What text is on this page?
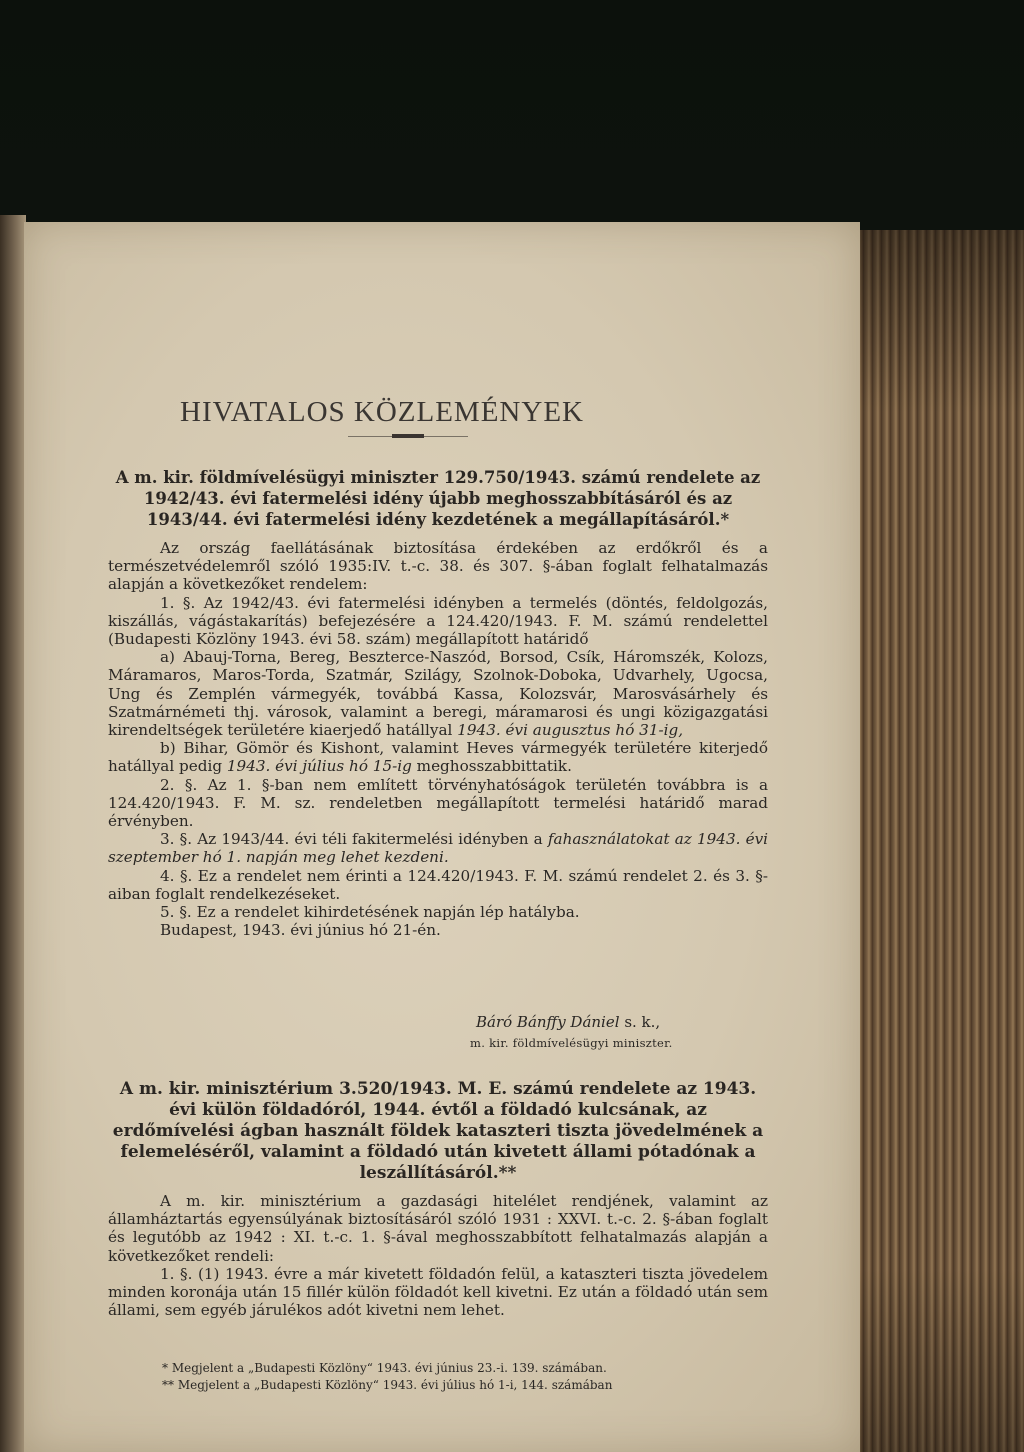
HIVATALOS KÖZLEMÉNYEK

A m. kir. földmívelésügyi miniszter 129.750/1943. számú rendelete az 1942/43. évi fatermelési idény újabb meghosszabbításáról és az 1943/44. évi fatermelési idény kezdetének a megállapításáról.*

Az ország faellátásának biztosítása érdekében az erdőkről és a természetvédelemről szóló 1935:IV. t.-c. 38. és 307. §-ában foglalt felhatalmazás alapján a következőket rendelem:

1. §. Az 1942/43. évi fatermelési idényben a termelés (döntés, feldolgozás, kiszállás, vágástakarítás) befejezésére a 124.420/1943. F. M. számú rendelettel (Budapesti Közlöny 1943. évi 58. szám) megállapított határidő

a) Abauj-Torna, Bereg, Beszterce-Naszód, Borsod, Csík, Háromszék, Kolozs, Máramaros, Maros-Torda, Szatmár, Szilágy, Szolnok-Doboka, Udvarhely, Ugocsa, Ung és Zemplén vármegyék, továbbá Kassa, Kolozsvár, Marosvásárhely és Szatmárnémeti thj. városok, valamint a beregi, máramarosi és ungi közigazgatási kirendeltségek területére kiaerjedő hatállyal 1943. évi augusztus hó 31-ig,

b) Bihar, Gömör és Kishont, valamint Heves vármegyék területére kiterjedő hatállyal pedig 1943. évi július hó 15-ig meghosszabbittatik.

2. §. Az 1. §-ban nem említett törvényhatóságok területén továbbra is a 124.420/1943. F. M. sz. rendeletben megállapított termelési határidő marad érvényben.

3. §. Az 1943/44. évi téli fakitermelési idényben a fahasználatokat az 1943. évi szeptember hó 1. napján meg lehet kezdeni.

4. §. Ez a rendelet nem érinti a 124.420/1943. F. M. számú rendelet 2. és 3. §-aiban foglalt rendelkezéseket.

5. §. Ez a rendelet kihirdetésének napján lép hatályba.

Budapest, 1943. évi június hó 21-én.

Báró Bánffy Dániel s. k.,

m. kir. földmívelésügyi miniszter.

A m. kir. minisztérium 3.520/1943. M. E. számú rendelete az 1943. évi külön földadóról, 1944. évtől a földadó kulcsának, az erdőmívelési ágban használt földek kataszteri tiszta jövedelmének a felemeléséről, valamint a földadó után kivetett állami pótadónak a leszállításáról.**

A m. kir. minisztérium a gazdasági hitelélet rendjének, valamint az államháztartás egyensúlyának biztosításáról szóló 1931 : XXVI. t.-c. 2. §-ában foglalt és legutóbb az 1942 : XI. t.-c. 1. §-ával meghosszabbított felhatalmazás alapján a következőket rendeli:

1. §. (1) 1943. évre a már kivetett földadón felül, a kataszteri tiszta jövedelem minden koronája után 15 fillér külön földadót kell kivetni. Ez után a földadó után sem állami, sem egyéb járulékos adót kivetni nem lehet.

* Megjelent a „Budapesti Közlöny“ 1943. évi június 23.-i. 139. számában.

** Megjelent a „Budapesti Közlöny“ 1943. évi július hó 1-i, 144. számában
